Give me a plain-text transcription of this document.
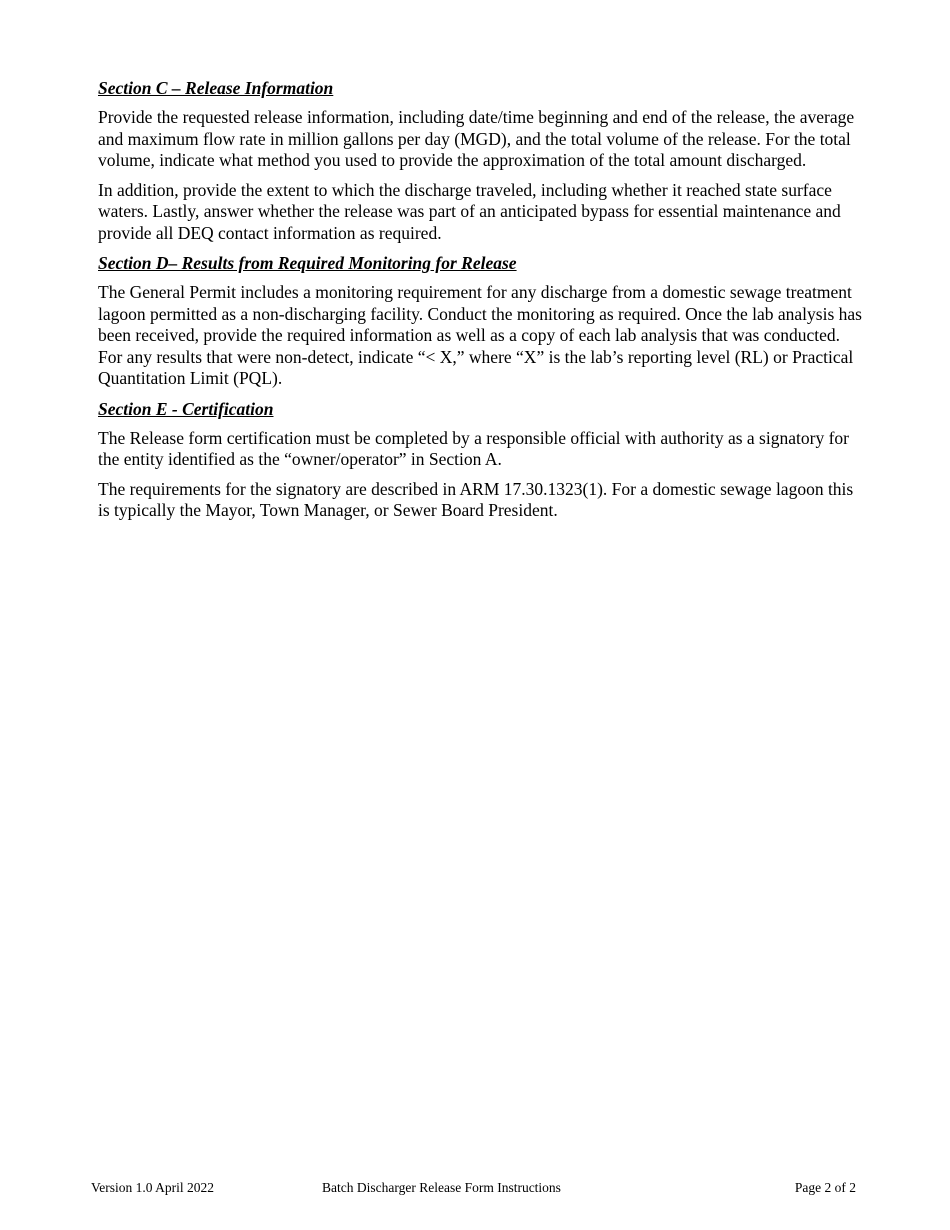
Section C – Release Information

Provide the requested release information, including date/time beginning and end of the release, the average and maximum flow rate in million gallons per day (MGD), and the total volume of the release. For the total volume, indicate what method you used to provide the approximation of the total amount discharged.

In addition, provide the extent to which the discharge traveled, including whether it reached state surface waters. Lastly, answer whether the release was part of an anticipated bypass for essential maintenance and provide all DEQ contact information as required.

Section D– Results from Required Monitoring for Release

The General Permit includes a monitoring requirement for any discharge from a domestic sewage treatment lagoon permitted as a non-discharging facility. Conduct the monitoring as required. Once the lab analysis has been received, provide the required information as well as a copy of each lab analysis that was conducted. For any results that were non-detect, indicate “< X,” where “X” is the lab’s reporting level (RL) or Practical Quantitation Limit (PQL).

Section E - Certification

The Release form certification must be completed by a responsible official with authority as a signatory for the entity identified as the “owner/operator” in Section A.

The requirements for the signatory are described in ARM 17.30.1323(1). For a domestic sewage lagoon this is typically the Mayor, Town Manager, or Sewer Board President.

Version 1.0 April 2022	Batch Discharger Release Form Instructions	Page 2 of 2
